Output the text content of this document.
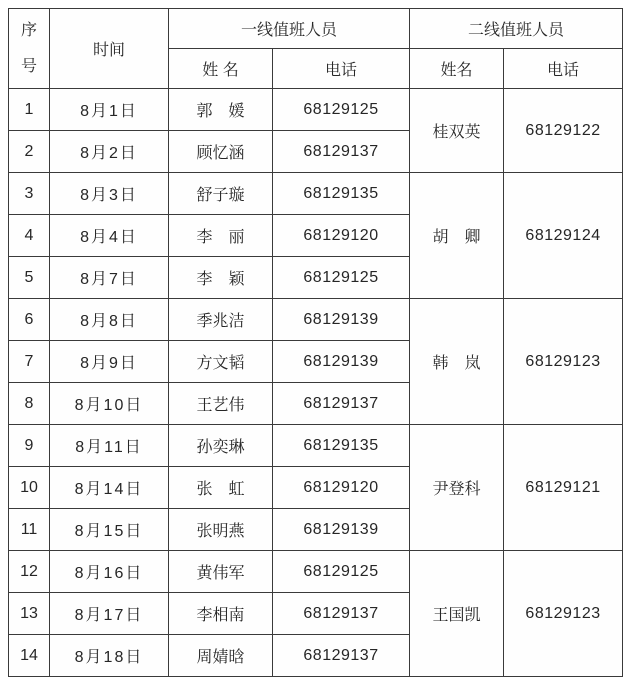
序号	时间	一线值班人员		二线值班人员	
		姓 名	电话	姓名	电话
1	8月1日	郭　媛	68129125	桂双英	68129122
2	8月2日	顾忆涵	68129137		
3	8月3日	舒子璇	68129135	胡　卿	68129124
4	8月4日	李　丽	68129120		
5	8月7日	李　颖	68129125		
6	8月8日	季兆洁	68129139	韩　岚	68129123
7	8月9日	方文韬	68129139		
8	8月10日	王艺伟	68129137		
9	8月11日	孙奕琳	68129135	尹登科	68129121
10	8月14日	张　虹	68129120		
11	8月15日	张明燕	68129139		
12	8月16日	黄伟军	68129125	王国凯	68129123
13	8月17日	李相南	68129137		
14	8月18日	周婧晗	68129137		
